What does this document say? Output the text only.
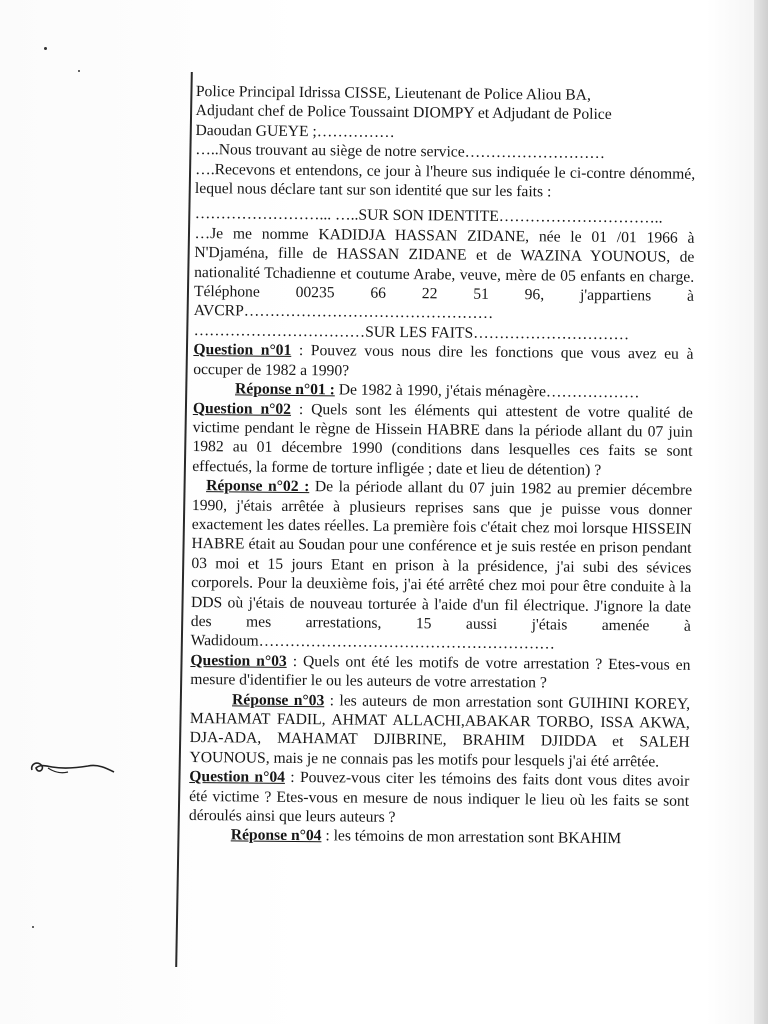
Police Principal Idrissa CISSE, Lieutenant de Police Aliou BA,

Adjudant chef de Police Toussaint DIOMPY et Adjudant de Police

Daoudan GUEYE ;……………

…..Nous trouvant au siège de notre service………………………

….Recevons et entendons, ce jour à l'heure sus indiquée le ci-contre dénommé, lequel nous déclare tant sur son identité que sur les faits :

……………………... …..SUR SON IDENTITE…………………………..

…Je me nomme KADIDJA HASSAN ZIDANE, née le 01 /01 1966 à N'Djaména, fille de HASSAN ZIDANE et de WAZINA YOUNOUS, de nationalité Tchadienne et coutume Arabe, veuve, mère de 05 enfants en charge. Téléphone 00235 66 22 51 96, j'appartiens à AVCRP…………………………………………

……………………………SUR LES FAITS…………………………

Question n°01 : Pouvez vous nous dire les fonctions que vous avez eu à occuper de 1982 a 1990?

Réponse n°01 : De 1982 à 1990, j'étais ménagère………………

Question n°02 : Quels sont les éléments qui attestent de votre qualité de victime pendant le règne de Hissein HABRE dans la période allant du 07 juin 1982 au 01 décembre 1990 (conditions dans lesquelles ces faits se sont effectués, la forme de torture infligée ; date et lieu de détention) ?

Réponse n°02 : De la période allant du 07 juin 1982 au premier décembre 1990, j'étais arrêtée à plusieurs reprises sans que je puisse vous donner exactement les dates réelles. La première fois c'était chez moi lorsque HISSEIN HABRE était au Soudan pour une conférence et je suis restée en prison pendant 03 moi et 15 jours Etant en prison à la présidence, j'ai subi des sévices corporels. Pour la deuxième fois, j'ai été arrêté chez moi pour être conduite à la DDS où j'étais de nouveau torturée à l'aide d'un fil électrique. J'ignore la date des mes arrestations, 15 aussi j'étais amenée à Wadidoum…………………………………………………

Question n°03 : Quels ont été les motifs de votre arrestation ? Etes-vous en mesure d'identifier le ou les auteurs de votre arrestation ?

Réponse n°03 : les auteurs de mon arrestation sont GUIHINI KOREY, MAHAMAT FADIL, AHMAT ALLACHI,ABAKAR TORBO, ISSA AKWA, DJA-ADA, MAHAMAT DJIBRINE, BRAHIM DJIDDA et SALEH YOUNOUS, mais je ne connais pas les motifs pour lesquels j'ai été arrêtée.

Question n°04 : Pouvez-vous citer les témoins des faits dont vous dites avoir été victime ? Etes-vous en mesure de nous indiquer le lieu où les faits se sont déroulés ainsi que leurs auteurs ?

Réponse n°04 : les témoins de mon arrestation sont BKAHIM
